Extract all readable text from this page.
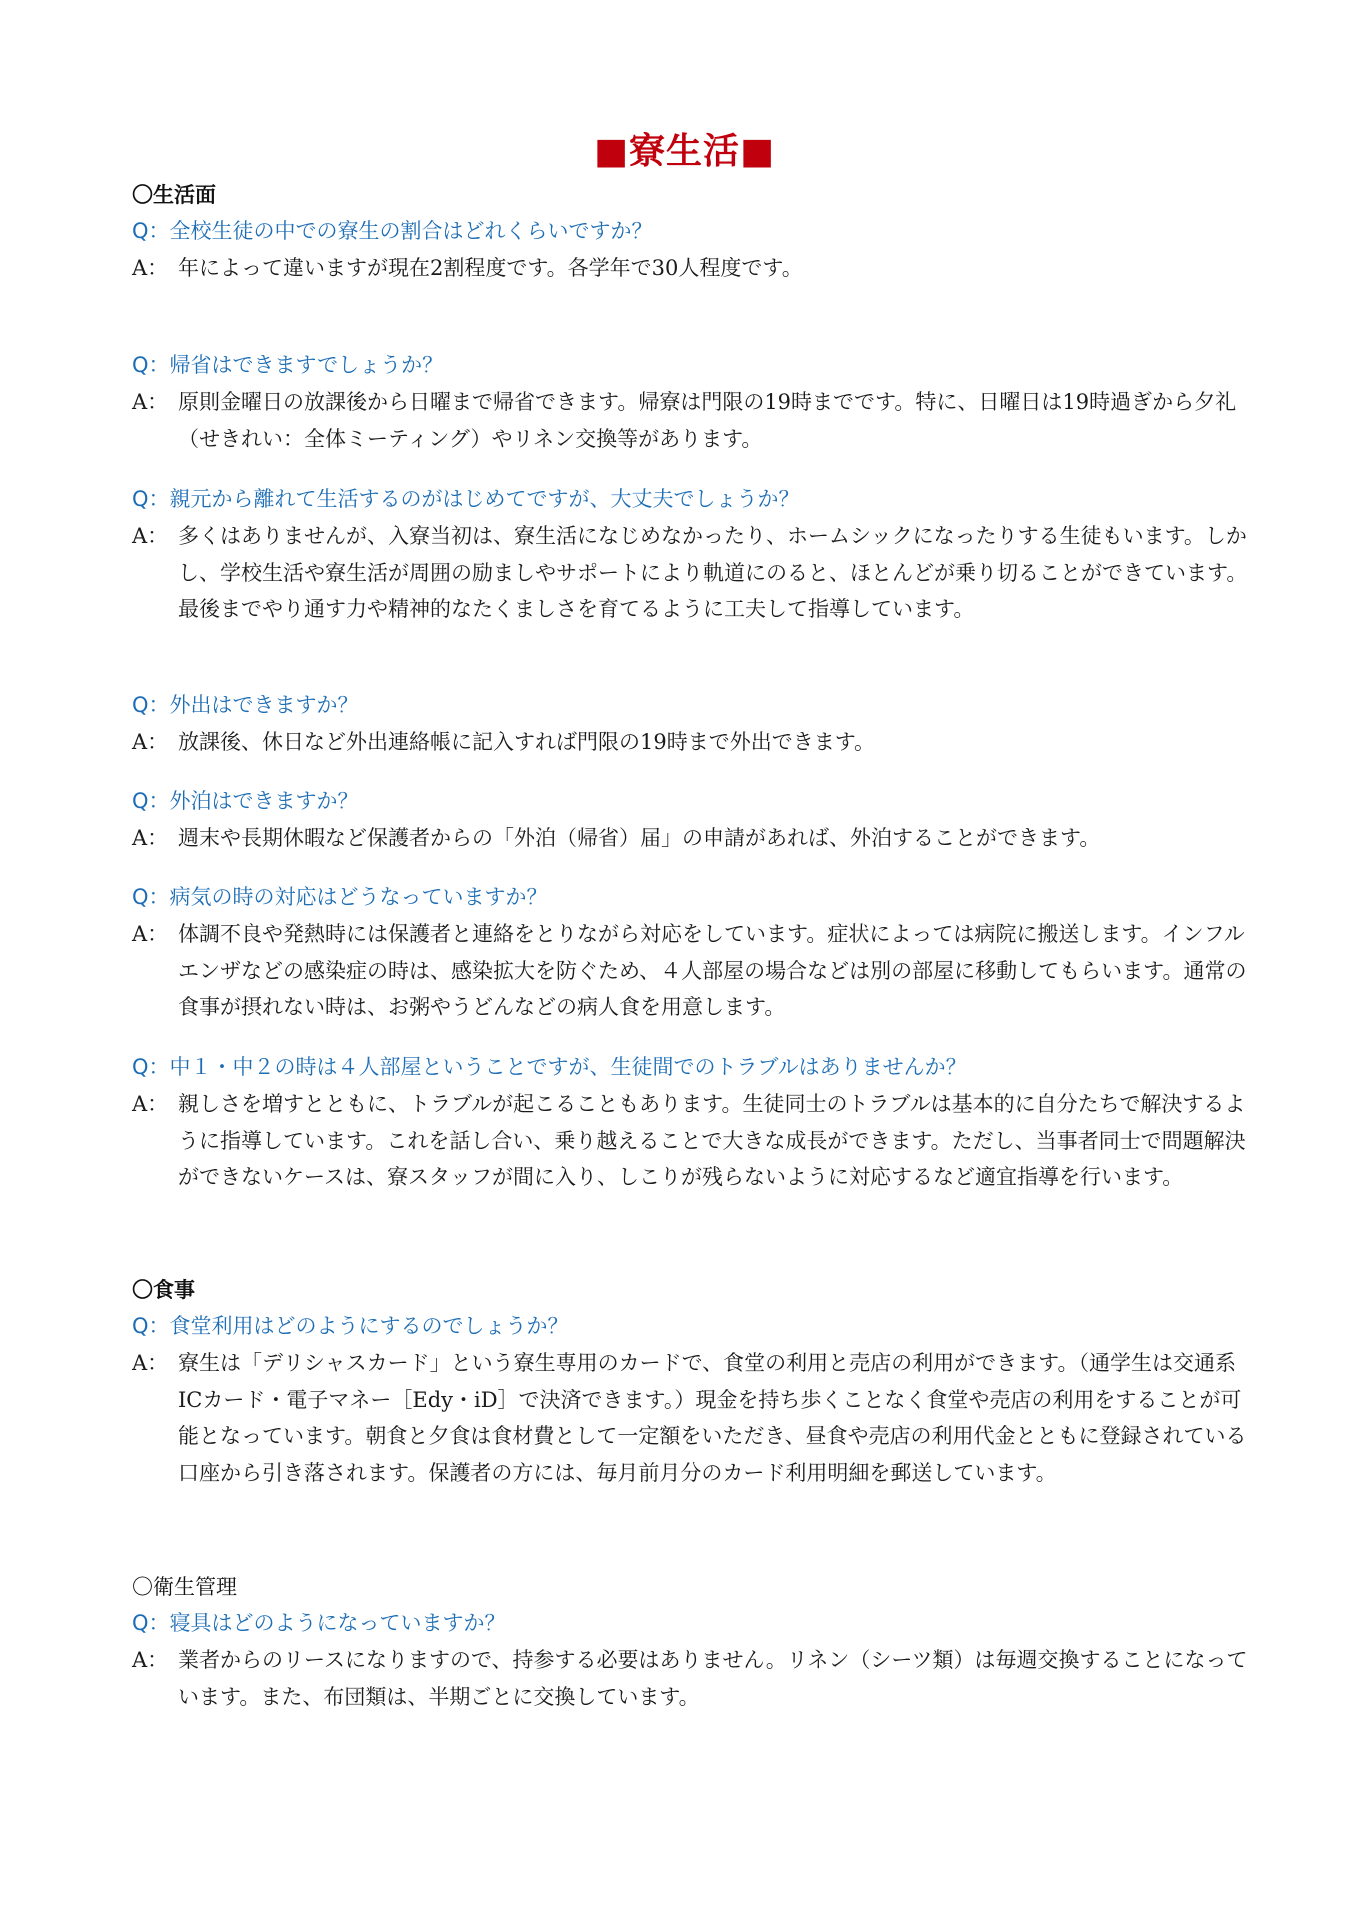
■寮生活■
〇生活面
Q：全校生徒の中での寮生の割合はどれくらいですか？
A： 年によって違いますが現在2割程度です。各学年で30人程度です。
Q：帰省はできますでしょうか？
A： 原則金曜日の放課後から日曜まで帰省できます。帰寮は門限の19時までです。特に、日曜日は19時過ぎから夕礼（せきれい：全体ミーティング）やリネン交換等があります。
Q：親元から離れて生活するのがはじめてですが、大丈夫でしょうか？
A： 多くはありませんが、入寮当初は、寮生活になじめなかったり、ホームシックになったりする生徒もいます。しかし、学校生活や寮生活が周囲の励ましやサポートにより軌道にのると、ほとんどが乗り切ることができています。最後までやり通す力や精神的なたくましさを育てるように工夫して指導しています。
Q：外出はできますか？
A： 放課後、休日など外出連絡帳に記入すれば門限の19時まで外出できます。
Q：外泊はできますか？
A： 週末や長期休暇など保護者からの「外泊（帰省）届」の申請があれば、外泊することができます。
Q：病気の時の対応はどうなっていますか？
A： 体調不良や発熱時には保護者と連絡をとりながら対応をしています。症状によっては病院に搬送します。インフルエンザなどの感染症の時は、感染拡大を防ぐため、４人部屋の場合などは別の部屋に移動してもらいます。通常の食事が摂れない時は、お粥やうどんなどの病人食を用意します。
Q：中１・中２の時は４人部屋ということですが、生徒間でのトラブルはありませんか？
A： 親しさを増すとともに、トラブルが起こることもあります。生徒同士のトラブルは基本的に自分たちで解決するように指導しています。これを話し合い、乗り越えることで大きな成長ができます。ただし、当事者同士で問題解決ができないケースは、寮スタッフが間に入り、しこりが残らないように対応するなど適宜指導を行います。
〇食事
Q：食堂利用はどのようにするのでしょうか？
A： 寮生は「デリシャスカード」という寮生専用のカードで、食堂の利用と売店の利用ができます。（通学生は交通系ICカード・電子マネー［Edy・iD］で決済できます。）現金を持ち歩くことなく食堂や売店の利用をすることが可能となっています。朝食と夕食は食材費として一定額をいただき、昼食や売店の利用代金とともに登録されている口座から引き落されます。保護者の方には、毎月前月分のカード利用明細を郵送しています。
〇衛生管理
Q：寝具はどのようになっていますか？
A： 業者からのリースになりますので、持参する必要はありません。リネン（シーツ類）は毎週交換することになっています。また、布団類は、半期ごとに交換しています。
